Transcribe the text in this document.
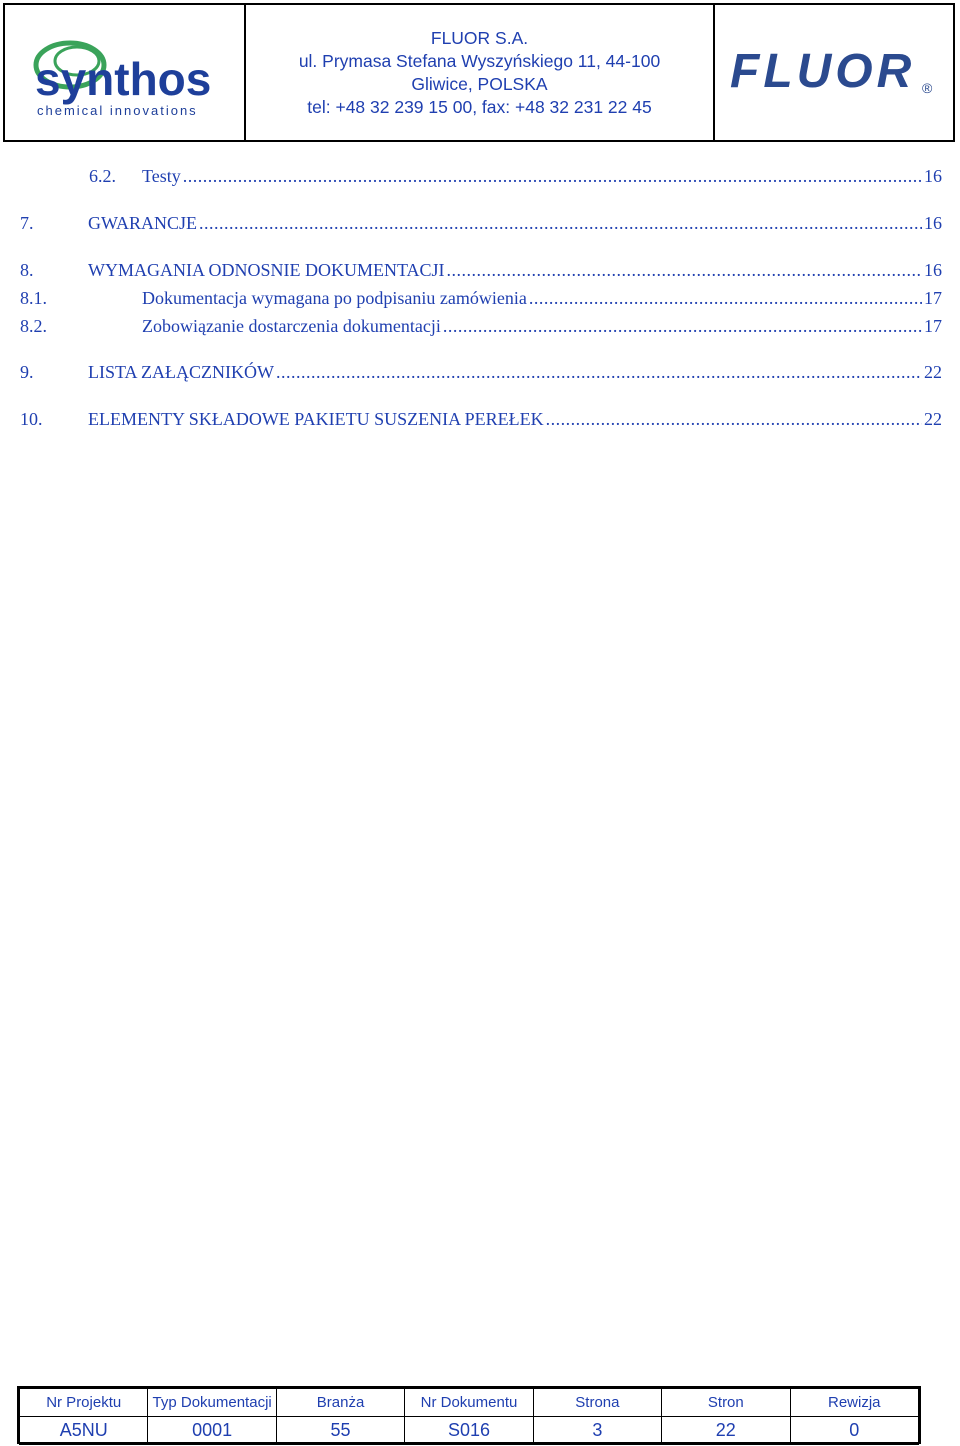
synthos
chemical innovations
FLUOR S.A.
ul. Prymasa Stefana Wyszyńskiego 11, 44-100
Gliwice, POLSKA
tel: +48 32 239 15 00, fax: +48 32 231 22 45
FLUOR ®
6.2. Testy .....	16
7.	GWARANCJE .....	16
8.	WYMAGANIA ODNOSNIE DOKUMENTACJI .....	16
8.1.	Dokumentacja wymagana po podpisaniu zamówienia .....	17
8.2.	Zobowiązanie dostarczenia dokumentacji .....	17
9.	LISTA ZAŁĄCZNIKÓW .....	22
10.	ELEMENTY SKŁADOWE PAKIETU SUSZENIA PEREŁEK .....	22
Nr Projektu	Typ Dokumentacji	Branża	Nr Dokumentu	Strona	Stron	Rewizja
A5NU	0001	55	S016	3	22	0
